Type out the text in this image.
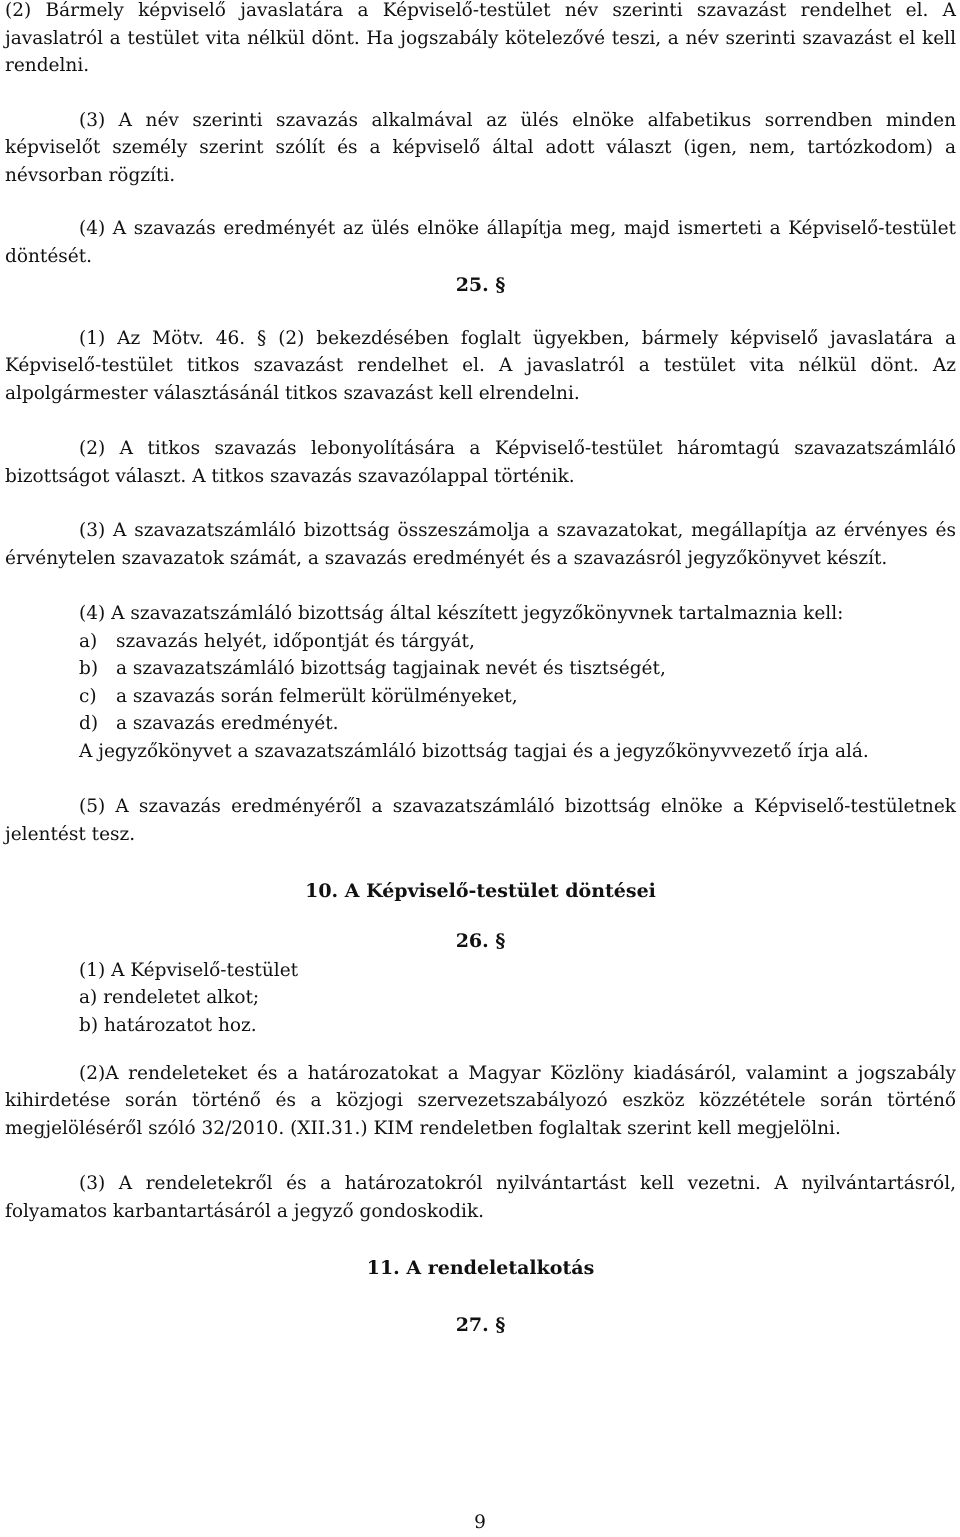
(2) Bármely képviselő javaslatára a Képviselő-testület név szerinti szavazást rendelhet el. A javaslatról a testület vita nélkül dönt. Ha jogszabály kötelezővé teszi, a név szerinti szavazást el kell rendelni.

(3) A név szerinti szavazás alkalmával az ülés elnöke alfabetikus sorrendben minden képviselőt személy szerint szólít és a képviselő által adott választ (igen, nem, tartózkodom) a névsorban rögzíti.

(4) A szavazás eredményét az ülés elnöke állapítja meg, majd ismerteti a Képviselő-testület döntését.

25. §

(1) Az Mötv. 46. § (2) bekezdésében foglalt ügyekben, bármely képviselő javaslatára a Képviselő-testület titkos szavazást rendelhet el. A javaslatról a testület vita nélkül dönt. Az alpolgármester választásánál titkos szavazást kell elrendelni.

(2) A titkos szavazás lebonyolítására a Képviselő-testület háromtagú szavazatszámláló bizottságot választ. A titkos szavazás szavazólappal történik.

(3) A szavazatszámláló bizottság összeszámolja a szavazatokat, megállapítja az érvényes és érvénytelen szavazatok számát, a szavazás eredményét és a szavazásról jegyzőkönyvet készít.

(4) A szavazatszámláló bizottság által készített jegyzőkönyvnek tartalmaznia kell:

a) szavazás helyét, időpontját és tárgyát,

b) a szavazatszámláló bizottság tagjainak nevét és tisztségét,

c) a szavazás során felmerült körülményeket,

d) a szavazás eredményét.

A jegyzőkönyvet a szavazatszámláló bizottság tagjai és a jegyzőkönyvvezető írja alá.

(5) A szavazás eredményéről a szavazatszámláló bizottság elnöke a Képviselő-testületnek jelentést tesz.

10. A Képviselő-testület döntései

26. §

(1) A Képviselő-testület

a) rendeletet alkot;

b) határozatot hoz.

(2)A rendeleteket és a határozatokat a Magyar Közlöny kiadásáról, valamint a jogszabály kihirdetése során történő és a közjogi szervezetszabályozó eszköz közzététele során történő megjelöléséről szóló 32/2010. (XII.31.) KIM rendeletben foglaltak szerint kell megjelölni.

(3) A rendeletekről és a határozatokról nyilvántartást kell vezetni. A nyilvántartásról, folyamatos karbantartásáról a jegyző gondoskodik.

11. A rendeletalkotás

27. §

9
